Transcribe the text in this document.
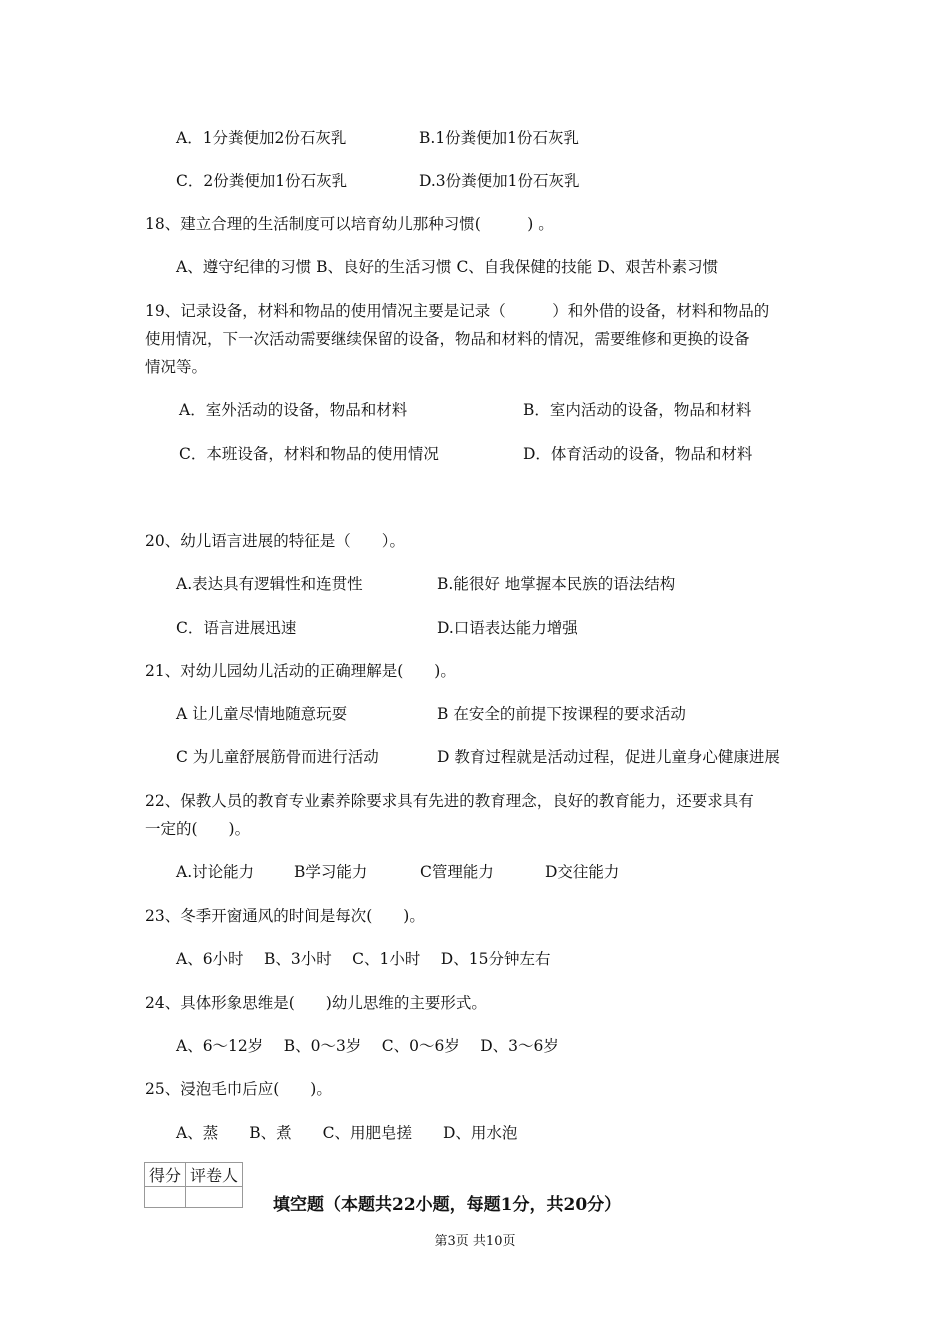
A．1分粪便加2份石灰乳	B.1份粪便加1份石灰乳
C．2份粪便加1份石灰乳	D.3份粪便加1份石灰乳
18、建立合理的生活制度可以培育幼儿那种习惯(　　　) 。
A、遵守纪律的习惯 B、良好的生活习惯 C、自我保健的技能 D、艰苦朴素习惯
19、记录设备，材料和物品的使用情况主要是记录（　　　）和外借的设备，材料和物品的
使用情况，下一次活动需要继续保留的设备，物品和材料的情况，需要维修和更换的设备
情况等。
A．室外活动的设备，物品和材料	B．室内活动的设备，物品和材料
C．本班设备，材料和物品的使用情况	D．体育活动的设备，物品和材料
20、幼儿语言进展的特征是（　　）。
A.表达具有逻辑性和连贯性	B.能很好 地掌握本民族的语法结构
C．语言进展迅速	D.口语表达能力增强
21、对幼儿园幼儿活动的正确理解是(　　)。
A 让儿童尽情地随意玩耍	B 在安全的前提下按课程的要求活动
C 为儿童舒展筋骨而进行活动	D 教育过程就是活动过程，促进儿童身心健康进展
22、保教人员的教育专业素养除要求具有先进的教育理念，良好的教育能力，还要求具有
一定的(　　)。
A.讨论能力	B学习能力	C管理能力	D交往能力
23、冬季开窗通风的时间是每次(　　)。
A、6小时　 B、3小时　 C、1小时　 D、15分钟左右
24、具体形象思维是(　　)幼儿思维的主要形式。
A、6～12岁　 B、0～3岁　 C、0～6岁　 D、3～6岁
25、浸泡毛巾后应(　　)。
A、蒸　　B、煮　　C、用肥皂搓　　D、用水泡
得分	评卷人

填空题（本题共22小题，每题1分，共20分）
第3页 共10页
